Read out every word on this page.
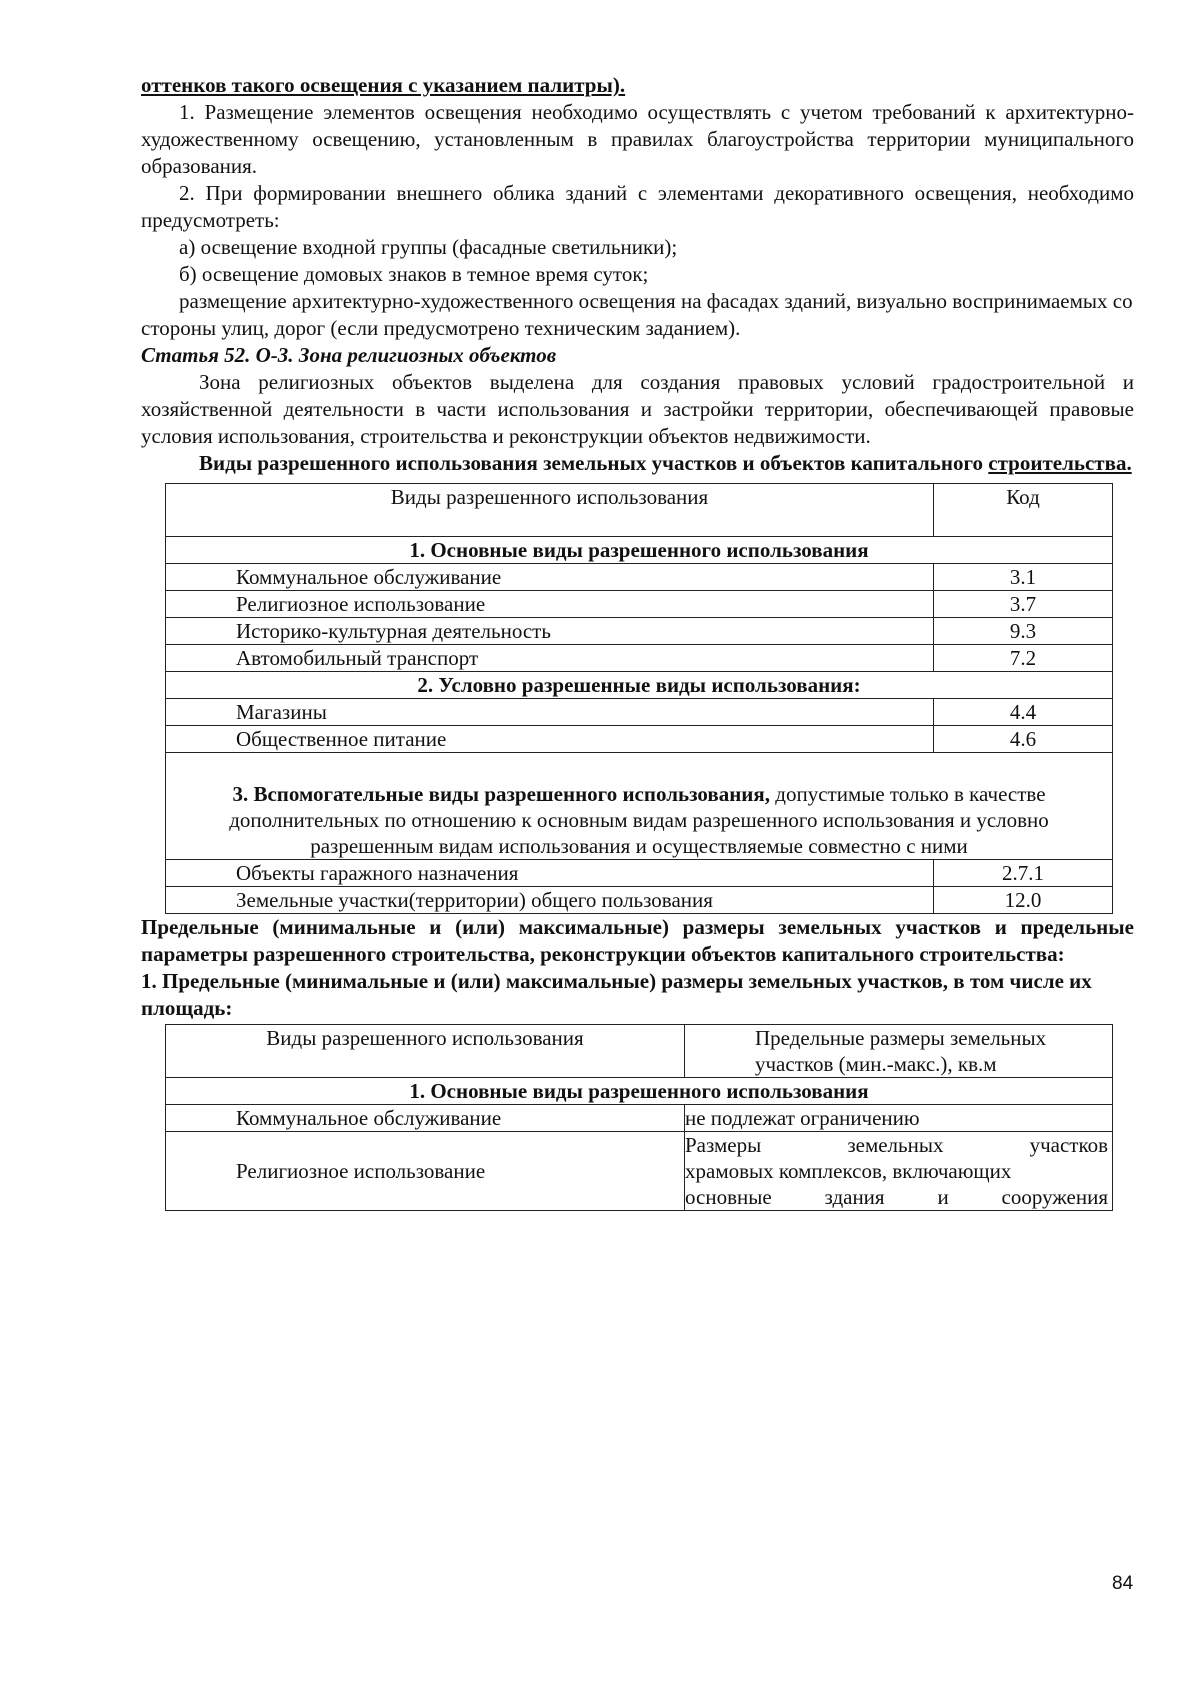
оттенков такого освещения с указанием палитры).

1. Размещение элементов освещения необходимо осуществлять с учетом требований к архитектурно-художественному освещению, установленным в правилах благоустройства территории муниципального образования.

2. При формировании внешнего облика зданий с элементами декоративного освещения, необходимо предусмотреть:

а) освещение входной группы (фасадные светильники);

б) освещение домовых знаков в темное время суток;

размещение архитектурно-художественного освещения на фасадах зданий, визуально воспринимаемых со стороны улиц, дорог (если предусмотрено техническим заданием).

Статья 52. О-3. Зона религиозных объектов

Зона религиозных объектов выделена для создания правовых условий градостроительной и хозяйственной деятельности в части использования и застройки территории, обеспечивающей правовые условия использования, строительства и реконструкции объектов недвижимости.

Виды разрешенного использования земельных участков и объектов капитального строительства.

Виды разрешенного использования	Код
1. Основные виды разрешенного использования	
Коммунальное обслуживание	3.1
Религиозное использование	3.7
Историко-культурная деятельность	9.3
Автомобильный транспорт	7.2
2. Условно разрешенные виды использования:	
Магазины	4.4
Общественное питание	4.6
3. Вспомогательные виды разрешенного использования, допустимые только в качестве дополнительных по отношению к основным видам разрешенного использования и условно разрешенным видам использования и осуществляемые совместно с ними	
Объекты гаражного назначения	2.7.1
Земельные участки(территории) общего пользования	12.0

Предельные (минимальные и (или) максимальные) размеры земельных участков и предельные параметры разрешенного строительства, реконструкции объектов капитального строительства:

1. Предельные (минимальные и (или) максимальные) размеры земельных участков, в том числе их площадь:

Виды разрешенного использования	Предельные размеры земельных
участков (мин.-макс.), кв.м

1. Основные виды разрешенного использования	
Коммунальное обслуживание	не подлежат ограничению
Религиозное использование	Размеры земельных участков
храмовых комплексов, включающих
основные здания и сооружения
84
